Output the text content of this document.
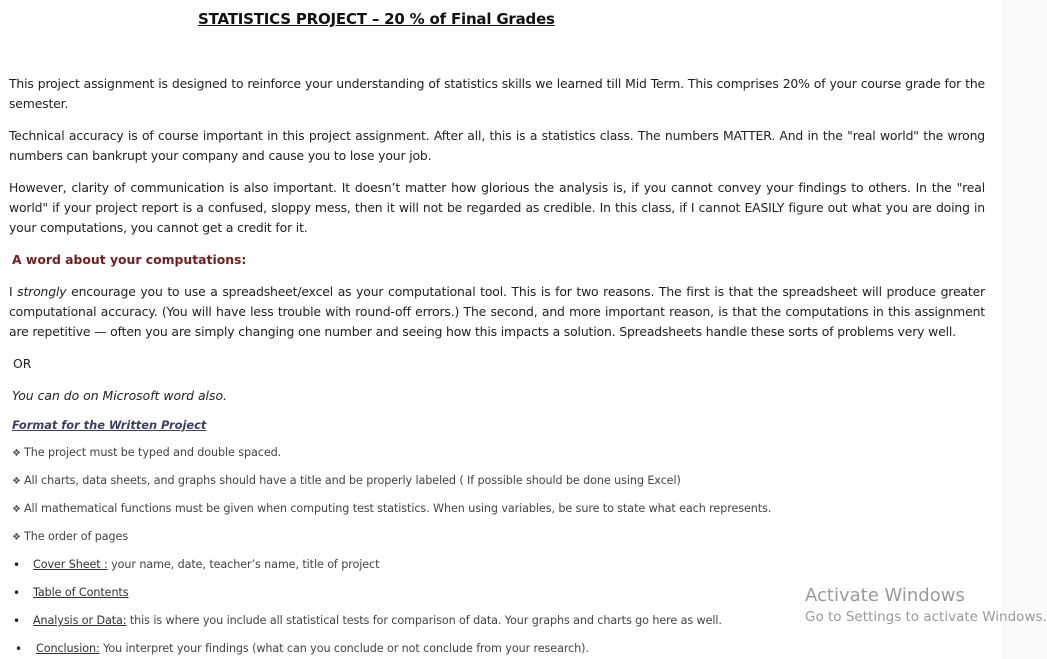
STATISTICS PROJECT – 20 % of Final Grades
This project assignment is designed to reinforce your understanding of statistics skills we learned till Mid Term. This comprises 20% of your course grade for the semester.
Technical accuracy is of course important in this project assignment. After all, this is a statistics class. The numbers MATTER. And in the "real world" the wrong numbers can bankrupt your company and cause you to lose your job.
However, clarity of communication is also important. It doesn’t matter how glorious the analysis is, if you cannot convey your findings to others. In the "real world" if your project report is a confused, sloppy mess, then it will not be regarded as credible. In this class, if I cannot EASILY figure out what you are doing in your computations, you cannot get a credit for it.
A word about your computations:
I strongly encourage you to use a spreadsheet/excel as your computational tool. This is for two reasons. The first is that the spreadsheet will produce greater computational accuracy. (You will have less trouble with round-off errors.) The second, and more important reason, is that the computations in this assignment are repetitive — often you are simply changing one number and seeing how this impacts a solution. Spreadsheets handle these sorts of problems very well.
OR
You can do on Microsoft word also.
Format for the Written Project
❖ The project must be typed and double spaced.
❖ All charts, data sheets, and graphs should have a title and be properly labeled ( If possible should be done using Excel)
❖ All mathematical functions must be given when computing test statistics. When using variables, be sure to state what each represents.
❖ The order of pages
• Cover Sheet : your name, date, teacher’s name, title of project
• Table of Contents
• Analysis or Data: this is where you include all statistical tests for comparison of data. Your graphs and charts go here as well.
• Conclusion: You interpret your findings (what can you conclude or not conclude from your research).
Activate Windows
Go to Settings to activate Windows.
